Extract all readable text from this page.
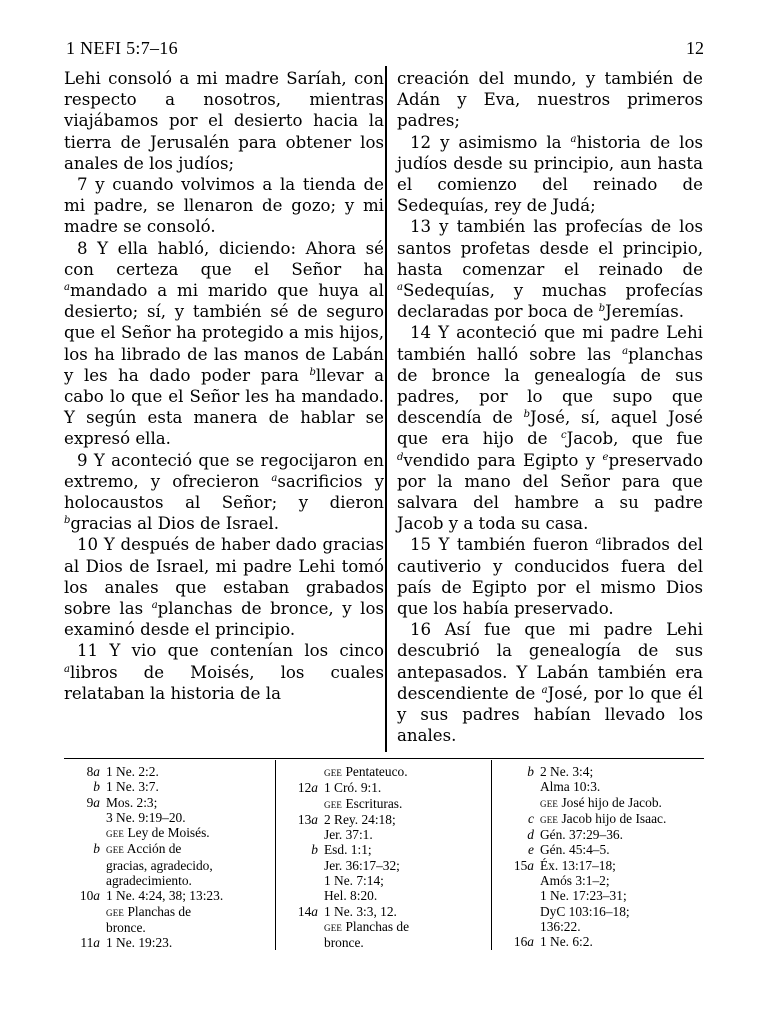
1 NEFI 5:7–16	12

Lehi consoló a mi madre Saríah, con respecto a nosotros, mientras viajábamos por el desierto hacia la tierra de Jerusalén para obtener los anales de los judíos;

7 y cuando volvimos a la tienda de mi padre, se llenaron de gozo; y mi madre se consoló.

8 Y ella habló, diciendo: Ahora sé con certeza que el Señor ha $^a$mandado a mi marido que huya al desierto; sí, y también sé de seguro que el Señor ha protegido a mis hijos, los ha librado de las manos de Labán y les ha dado poder para $^b$llevar a cabo lo que el Señor les ha mandado. Y según esta manera de hablar se expresó ella.

9 Y aconteció que se regocijaron en extremo, y ofrecieron $^a$sacrificios y holocaustos al Señor; y dieron $^b$gracias al Dios de Israel.

10 Y después de haber dado gracias al Dios de Israel, mi padre Lehi tomó los anales que estaban grabados sobre las $^a$planchas de bronce, y los examinó desde el principio.

11 Y vio que contenían los cinco $^a$libros de Moisés, los cuales relataban la historia de la

creación del mundo, y también de Adán y Eva, nuestros primeros padres;

12 y asimismo la $^a$historia de los judíos desde su principio, aun hasta el comienzo del reinado de Sedequías, rey de Judá;

13 y también las profecías de los santos profetas desde el principio, hasta comenzar el reinado de $^a$Sedequías, y muchas profecías declaradas por boca de $^b$Jeremías.

14 Y aconteció que mi padre Lehi también halló sobre las $^a$planchas de bronce la genealogía de sus padres, por lo que supo que descendía de $^b$José, sí, aquel José que era hijo de $^c$Jacob, que fue $^d$vendido para Egipto y $^e$preservado por la mano del Señor para que salvara del hambre a su padre Jacob y a toda su casa.

15 Y también fueron $^a$librados del cautiverio y conducidos fuera del país de Egipto por el mismo Dios que los había preservado.

16 Así fue que mi padre Lehi descubrió la genealogía de sus antepasados. Y Labán también era descendiente de $^a$José, por lo que él y sus padres habían llevado los anales.

8a 1 Ne. 2:2.
b 1 Ne. 3:7.
9a Mos. 2:3;
3 Ne. 9:19–20.
gee Ley de Moisés.
b gee Acción de
gracias, agradecido,
agradecimiento.
10a 1 Ne. 4:24, 38; 13:23.
gee Planchas de
bronce.
11a 1 Ne. 19:23.
gee Pentateuco.
12a 1 Cró. 9:1.
gee Escrituras.
13a 2 Rey. 24:18;
Jer. 37:1.
b Esd. 1:1;
Jer. 36:17–32;
1 Ne. 7:14;
Hel. 8:20.
14a 1 Ne. 3:3, 12.
gee Planchas de
bronce.
b 2 Ne. 3:4;
Alma 10:3.
gee José hijo de Jacob.
c gee Jacob hijo de Isaac.
d Gén. 37:29–36.
e Gén. 45:4–5.
15a Éx. 13:17–18;
Amós 3:1–2;
1 Ne. 17:23–31;
DyC 103:16–18;
136:22.
16a 1 Ne. 6:2.
